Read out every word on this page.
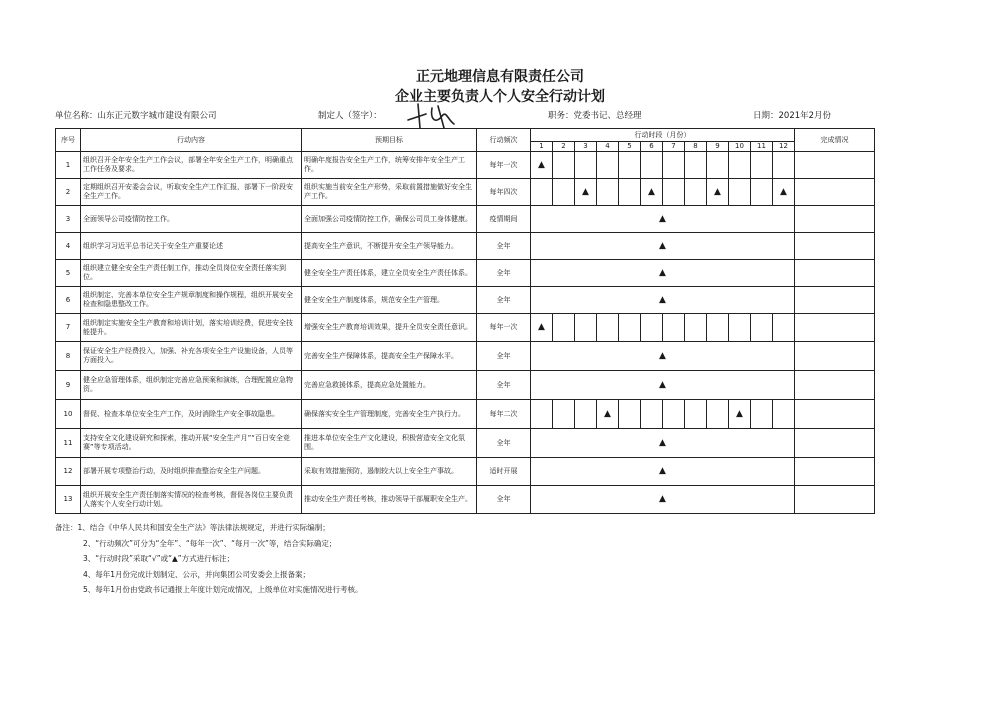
正元地理信息有限责任公司
企业主要负责人个人安全行动计划
单位名称：山东正元数字城市建设有限公司	制定人（签字）：	职务：党委书记、总经理	日期：2021年2月份
序号	行动内容	预期目标	行动频次	行动时段（月份）												完成情况
				1	2	3	4	5	6	7	8	9	10	11	12	
1	组织召开全年安全生产工作会议，部署全年安全生产工作，明确重点工作任务及要求。	明确年度报告安全生产工作，统筹安排年安全生产工作。	每年一次	▲												
2	定期组织召开安委会会议，听取安全生产工作汇报，部署下一阶段安全生产工作。	组织实施当前安全生产形势，采取前置措施做好安全生产工作。	每年四次			▲			▲			▲			▲	
3	全面领导公司疫情防控工作。	全面加强公司疫情防控工作，确保公司员工身体健康。	疫情期间	▲												
4	组织学习习近平总书记关于安全生产重要论述	提高安全生产意识，不断提升安全生产领导能力。	全年	▲												
5	组织建立健全安全生产责任制工作，推动全员岗位安全责任落实到位。	健全安全生产责任体系，建立全员安全生产责任体系。	全年	▲												
6	组织制定、完善本单位安全生产规章制度和操作规程，组织开展安全检查和隐患整改工作。	健全安全生产制度体系，规范安全生产管理。	全年	▲												
7	组织制定实施安全生产教育和培训计划，落实培训经费，促进安全技能提升。	增强安全生产教育培训效果，提升全员安全责任意识。	每年一次	▲												
8	保证安全生产经费投入，加强、补充各项安全生产设施设备，人员等方面投入。	完善安全生产保障体系，提高安全生产保障水平。	全年	▲												
9	健全应急管理体系，组织制定完善应急预案和演练，合理配置应急物资。	完善应急救援体系，提高应急处置能力。	全年	▲												
10	督促、检查本单位安全生产工作，及时消除生产安全事故隐患。	确保落实安全生产管理制度，完善安全生产执行力。	每年二次				▲						▲			
11	支持安全文化建设研究和探索，推动开展“安全生产月”“百日安全竞赛”等专项活动。	推进本单位安全生产文化建设，积极营造安全文化氛围。	全年	▲												
12	部署开展专项整治行动，及时组织排查整治安全生产问题。	采取有效措施预防，遏制较大以上安全生产事故。	适时开展	▲												
13	组织开展安全生产责任制落实情况的检查考核，督促各岗位主要负责人落实个人安全行动计划。	推动安全生产责任考核，推动领导干部履职安全生产。	全年	▲												
备注：1、结合《中华人民共和国安全生产法》等法律法规规定，并进行实际编制；
2、“行动频次”可分为“全年”、“每年一次”、“每月一次”等，结合实际确定；
3、“行动时段”采取“√”或“▲”方式进行标注；
4、每年1月份完成计划制定、公示，并向集团公司安委会上报备案；
5、每年1月份由党政书记通报上年度计划完成情况，上级单位对实施情况进行考核。
